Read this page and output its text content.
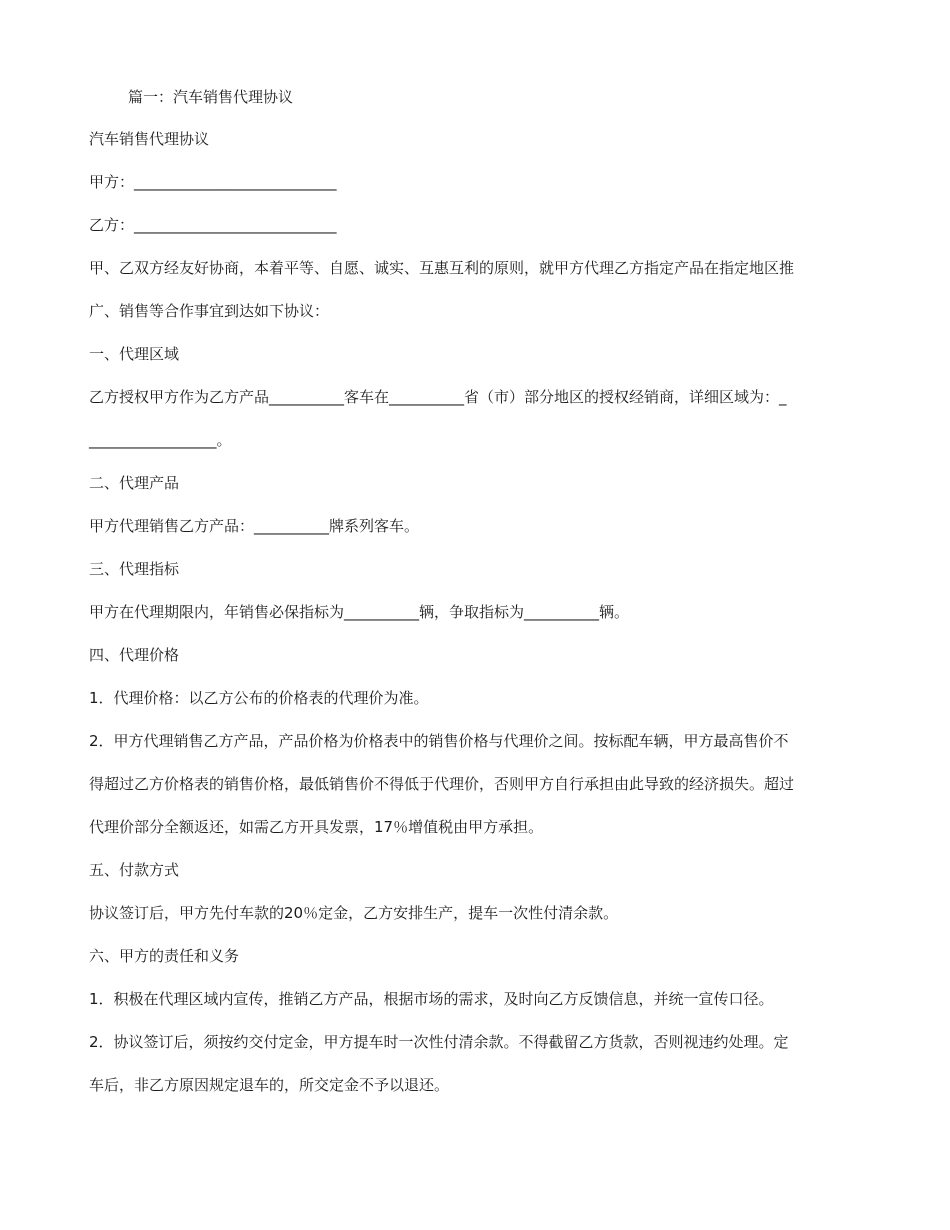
篇一：汽车销售代理协议

汽车销售代理协议

甲方：___________________________

乙方：___________________________

甲、乙双方经友好协商，本着平等、自愿、诚实、互惠互利的原则，就甲方代理乙方指定产品在指定地区推

广、销售等合作事宜到达如下协议：

一、代理区域

乙方授权甲方作为乙方产品__________客车在__________省（市）部分地区的授权经销商，详细区域为：_

_________________。

二、代理产品

甲方代理销售乙方产品：__________牌系列客车。

三、代理指标

甲方在代理期限内，年销售必保指标为__________辆，争取指标为__________辆。

四、代理价格

1．代理价格：以乙方公布的价格表的代理价为准。

2．甲方代理销售乙方产品，产品价格为价格表中的销售价格与代理价之间。按标配车辆，甲方最高售价不

得超过乙方价格表的销售价格，最低销售价不得低于代理价，否则甲方自行承担由此导致的经济损失。超过

代理价部分全额返还，如需乙方开具发票，17％增值税由甲方承担。

五、付款方式

协议签订后，甲方先付车款的20％定金，乙方安排生产，提车一次性付清余款。

六、甲方的责任和义务

1．积极在代理区域内宣传，推销乙方产品，根据市场的需求，及时向乙方反馈信息，并统一宣传口径。

2．协议签订后，须按约交付定金，甲方提车时一次性付清余款。不得截留乙方货款，否则视违约处理。定

车后，非乙方原因规定退车的，所交定金不予以退还。
